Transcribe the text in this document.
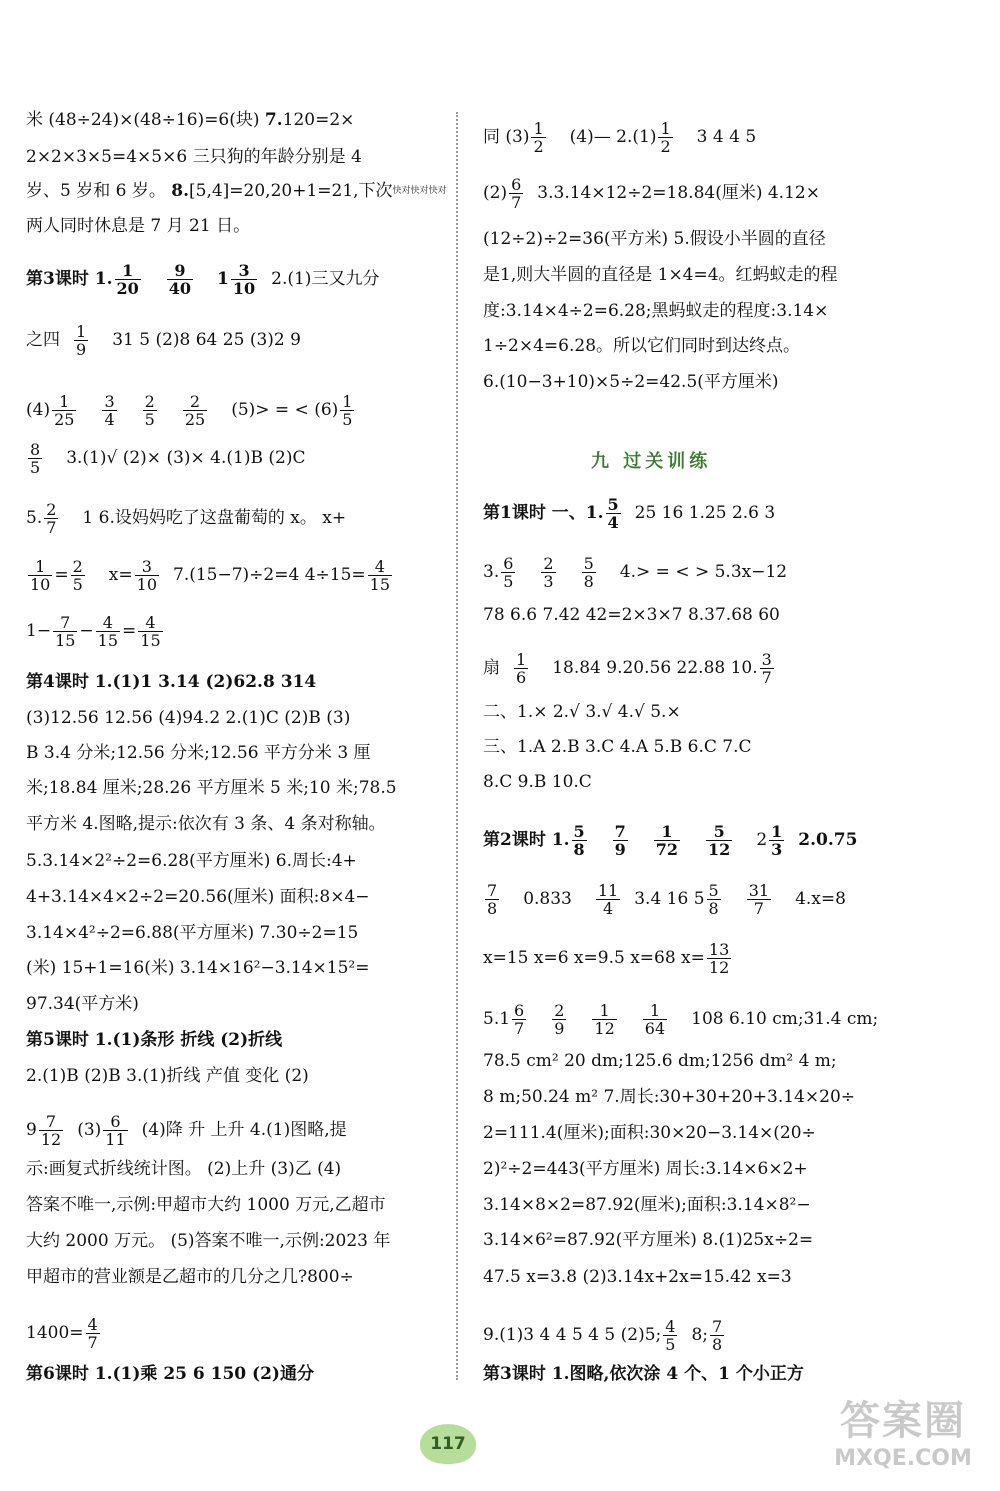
米 (48÷24)×(48÷16)=6(块) 7.120=2×
2×2×3×5=4×5×6 三只狗的年龄分别是 4
岁、5 岁和 6 岁。 8.[5,4]=20,20+1=21,下次快对快对快对
两人同时休息是 7 月 21 日。
第3课时 1. $\frac{1}{20} \frac{9}{40} 1 \frac{3}{10} 2.(1)$三又九分
之四 $\frac{1}{9} 31$ 5 (2)8 64 25 (3)2 9
$(4) \frac{1}{25} \frac{3}{4} \frac{2}{5} \frac{2}{25} (5)>$ = < $(6) \frac{1}{5}$
$\frac{8}{5} 3.(1)√$ (2)× (3)× 4.(1)B (2)C
5. $\frac{2}{7} 1$ 6.设妈妈吃了这盘葡萄的 x。 x+
$\frac{1}{10} = \frac{2}{5} x= \frac{3}{10} 7.(15-7)\div 2=4$ $4\div 15= \frac{4}{15}$
$1- \frac{7}{15} - \frac{4}{15} = \frac{4}{15}$
第4课时 1.(1)1 3.14 (2)62.8 314
(3)12.56 12.56 (4)94.2 2.(1)C (2)B (3)
B 3.4 分米;12.56 分米;12.56 平方分米 3 厘
米;18.84 厘米;28.26 平方厘米 5 米;10 米;78.5
平方米 4.图略,提示:依次有 3 条、4 条对称轴。
5.3.14×2²÷2=6.28(平方厘米) 6.周长:4+
4+3.14×4×2÷2=20.56(厘米) 面积:8×4−
3.14×4²÷2=6.88(平方厘米) 7.30÷2=15
(米) 15+1=16(米) 3.14×16²−3.14×15²=
97.34(平方米)
第5课时 1.(1)条形 折线 (2)折线
2.(1)B (2)B 3.(1)折线 产值 变化 (2)
$9 \frac{7}{12} (3) \frac{6}{11} (4)$降 升 上升 4.(1)图略,提
示:画复式折线统计图。 (2)上升 (3)乙 (4)
答案不唯一,示例:甲超市大约 1000 万元,乙超市
大约 2000 万元。 (5)答案不唯一,示例:2023 年
甲超市的营业额是乙超市的几分之几?800÷
$1400= \frac{4}{7}$
第6课时 1.(1)乘 25 6 150 (2)通分
同 $(3) \frac{1}{2}$ (4)— $2.(1) \frac{1}{2} 3$ 4 4 5
$(2) \frac{6}{7} 3.3.14\times 12\div 2=18.84$(厘米) 4.12×
(12÷2)÷2=36(平方米) 5.假设小半圆的直径
是1,则大半圆的直径是 1×4=4。红蚂蚁走的程
度:3.14×4÷2=6.28;黑蚂蚁走的程度:3.14×
1÷2×4=6.28。所以它们同时到达终点。
6.(10−3+10)×5÷2=42.5(平方厘米)
九 过关训练
第1课时 一、1. $\frac{5}{4} 25$ 16 1.25 2.6 3
3. $\frac{6}{5} \frac{2}{3} \frac{5}{8} 4.>$ = < > 5.3x−12
78 6.6 7.42 42=2×3×7 8.37.68 60
扇 $\frac{1}{6} 18.84$ 9.20.56 22.88 10. $\frac{3}{7}$
二、1.× 2.√ 3.√ 4.√ 5.×
三、1.A 2.B 3.C 4.A 5.B 6.C 7.C
8.C 9.B 10.C
第2课时 1. $\frac{5}{8} \frac{7}{9} \frac{1}{72} \frac{5}{12} 2 \frac{1}{3} 2.0.75$
$\frac{7}{8} 0.833 \frac{11}{4} 3.4$ 16 $5 \frac{5}{8} \frac{31}{7} 4.x=8$
x=15 x=6 x=9.5 x=68 $x= \frac{13}{12}$
$5.1 \frac{6}{7} \frac{2}{9} \frac{1}{12} \frac{1}{64} 108$ 6.10 cm;31.4 cm;
78.5 cm² 20 dm;125.6 dm;1256 dm² 4 m;
8 m;50.24 m² 7.周长:30+30+20+3.14×20÷
2=111.4(厘米);面积:30×20−3.14×(20÷
2)²÷2=443(平方厘米) 周长:3.14×6×2+
3.14×8×2=87.92(厘米);面积:3.14×8²−
3.14×6²=87.92(平方厘米) 8.(1)25x÷2=
47.5 x=3.8 (2)3.14x+2x=15.42 x=3
9.(1)3 4 4 5 4 5 (2)5; $\frac{4}{5} 8$; $\frac{7}{8}$
第3课时 1.图略,依次涂 4 个、1 个小正方
117	答案圈
MXQE.COM
